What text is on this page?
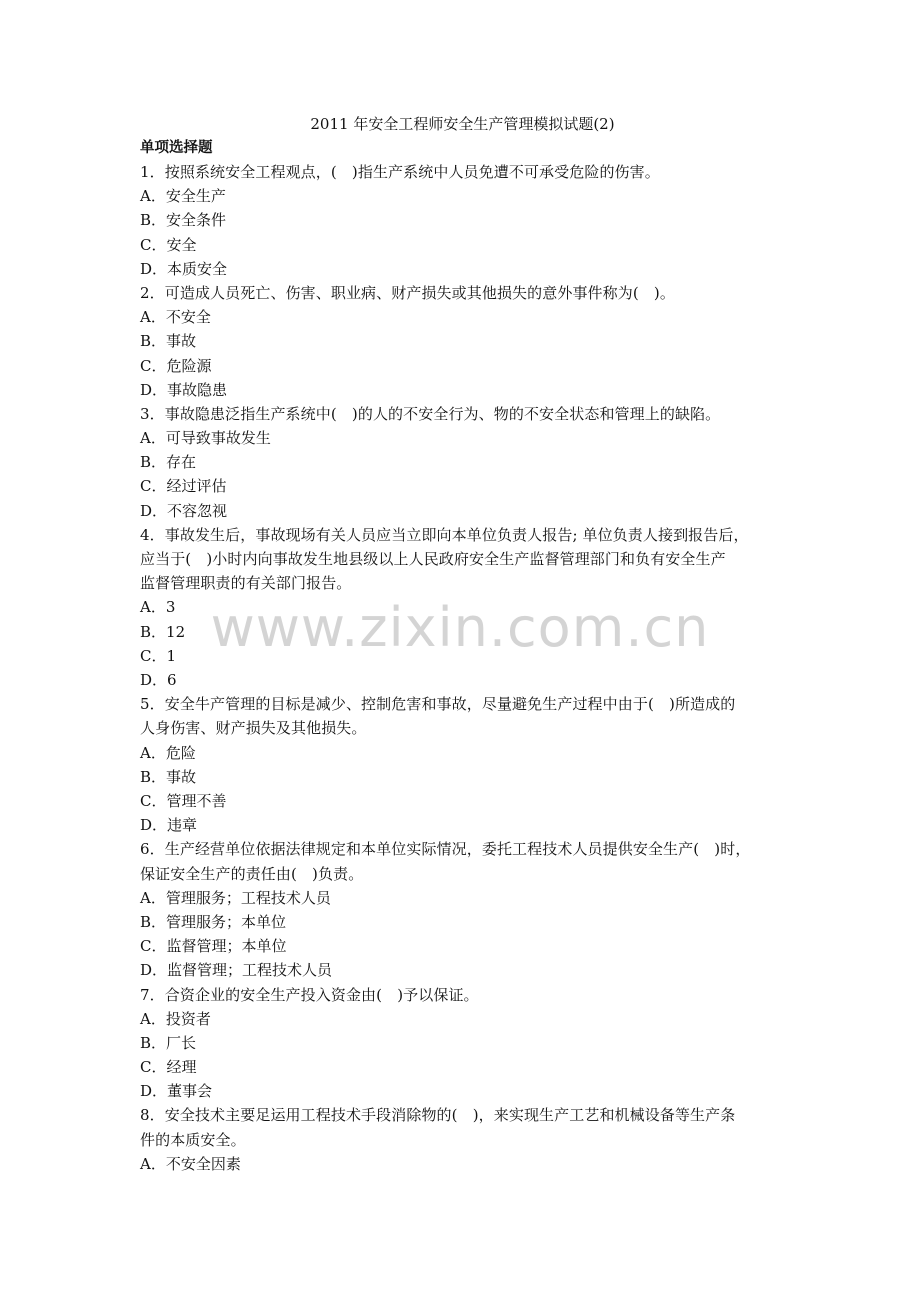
www.zixin.com.cn
2011 年安全工程师安全生产管理模拟试题(2)
单项选择题
1．按照系统安全工程观点，(　)指生产系统中人员免遭不可承受危险的伤害。
A．安全生产
B．安全条件
C．安全
D．本质安全
2．可造成人员死亡、伤害、职业病、财产损失或其他损失的意外事件称为(　)。
A．不安全
B．事故
C．危险源
D．事故隐患
3．事故隐患泛指生产系统中(　)的人的不安全行为、物的不安全状态和管理上的缺陷。
A．可导致事故发生
B．存在
C．经过评估
D．不容忽视
4．事故发生后，事故现场有关人员应当立即向本单位负责人报告; 单位负责人接到报告后，
应当于(　)小时内向事故发生地县级以上人民政府安全生产监督管理部门和负有安全生产
监督管理职责的有关部门报告。
A．3
B．12
C．1
D．6
5．安全牛产管理的目标是减少、控制危害和事故，尽量避免生产过程中由于(　)所造成的
人身伤害、财产损失及其他损失。
A．危险
B．事故
C．管理不善
D．违章
6．生产经营单位依据法律规定和本单位实际情况，委托工程技术人员提供安全生产(　)时，
保证安全生产的责任由(　)负责。
A．管理服务；工程技术人员
B．管理服务；本单位
C．监督管理；本单位
D．监督管理；工程技术人员
7．合资企业的安全生产投入资金由(　)予以保证。
A．投资者
B．厂长
C．经理
D．董事会
8．安全技术主要足运用工程技术手段消除物的(　)，来实现生产工艺和机械设备等生产条
件的本质安全。
A．不安全因素
